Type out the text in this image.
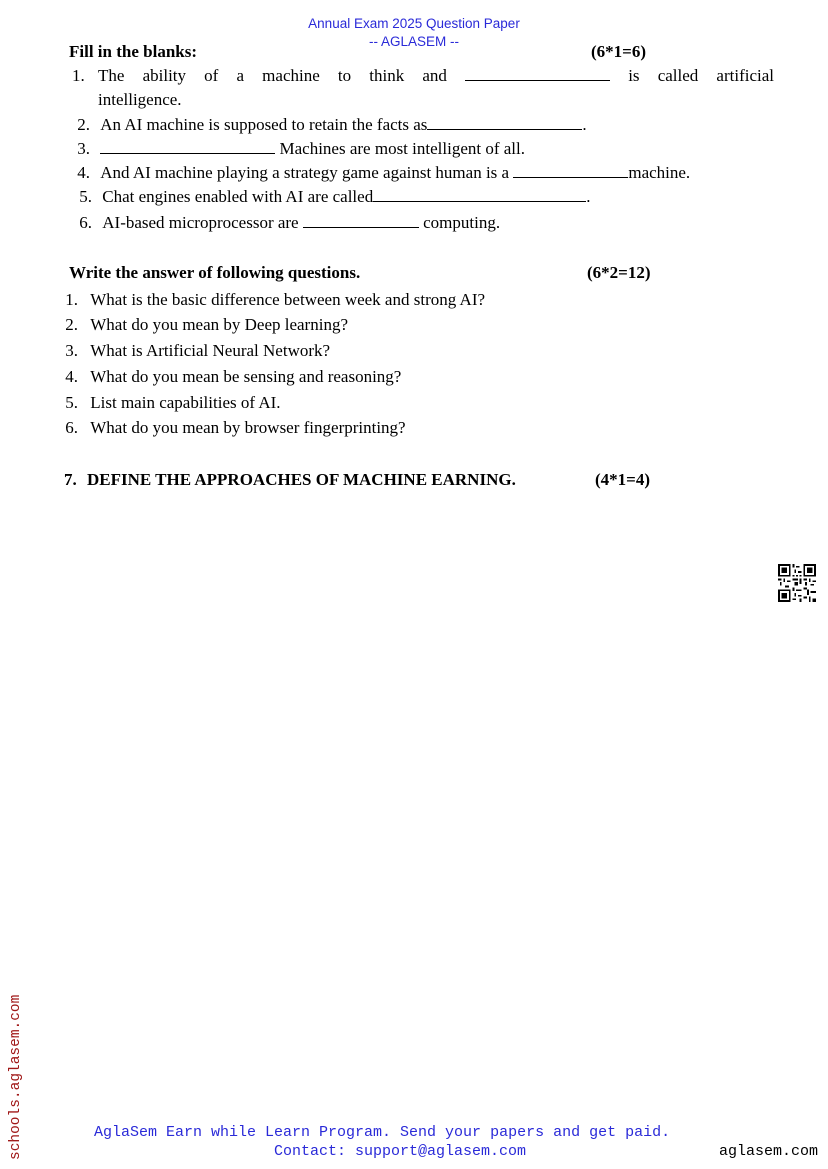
Annual Exam 2025 Question Paper
-- AGLASEM --
Fill in the blanks:	(6*1=6)
1. The ability of a machine to think and	is called artificial
intelligence.
2. An AI machine is supposed to retain the facts as	.
3.	Machines are most intelligent of all.
4. And AI machine playing a strategy game against human is a	machine.
5. Chat engines enabled with AI are called	.
6. AI-based microprocessor are	computing.
Write the answer of following questions.	(6*2=12)
1. What is the basic difference between week and strong AI?
2. What do you mean by Deep learning?
3. What is Artificial Neural Network?
4. What do you mean be sensing and reasoning?
5. List main capabilities of AI.
6. What do you mean by browser fingerprinting?
7. DEFINE THE APPROACHES OF MACHINE EARNING.	(4*1=4)
schools.aglasem.com	AglaSem Earn while Learn Program. Send your papers and get paid.
Contact: support@aglasem.com	aglasem.com
